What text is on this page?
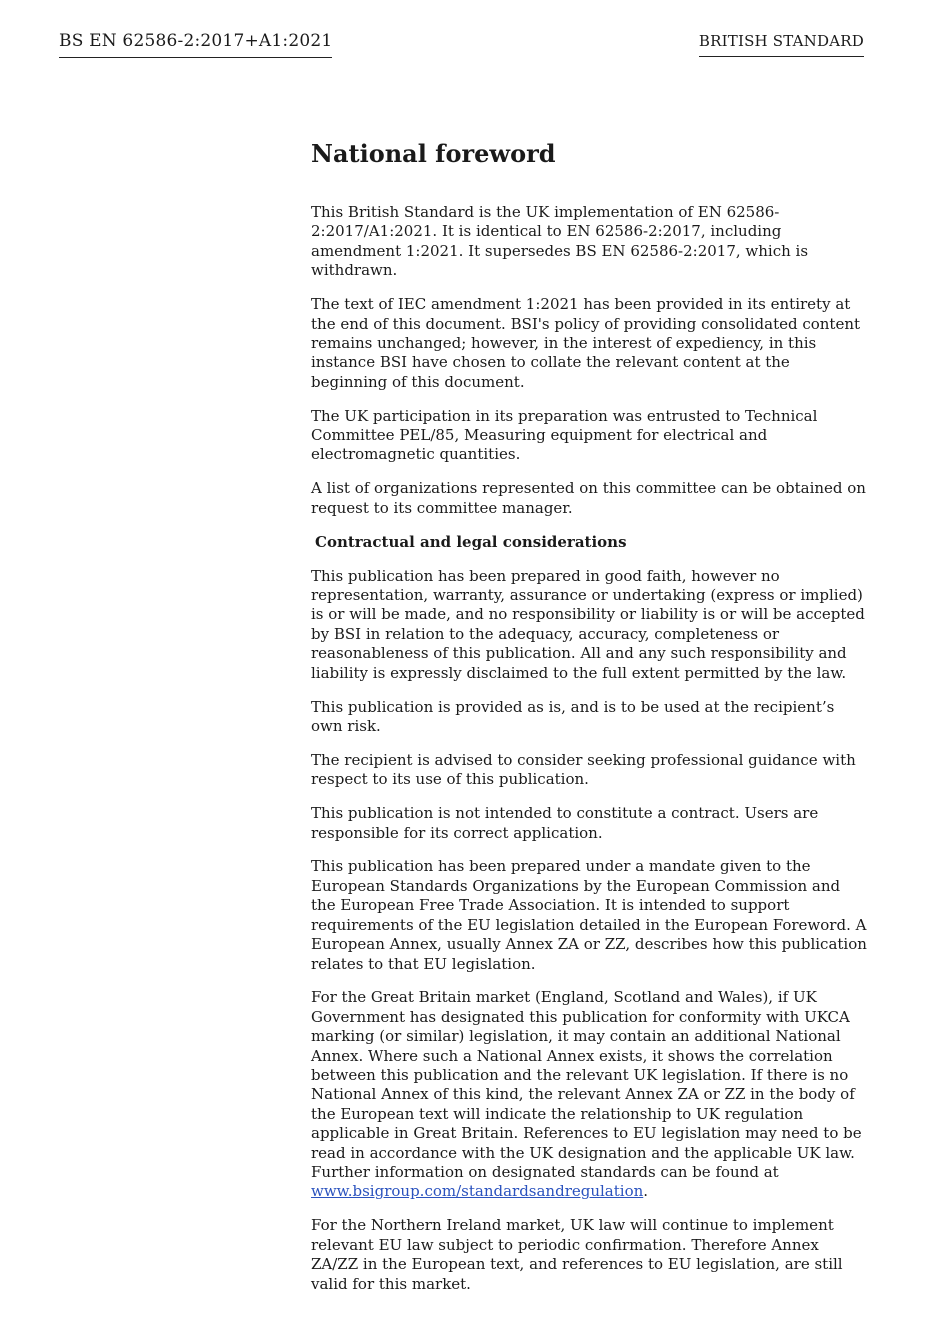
BS EN 62586-2:2017+A1:2021	BRITISH STANDARD
National foreword

This British Standard is the UK implementation of EN 62586-2:2017/A1:2021. It is identical to EN 62586-2:2017, including amendment 1:2021. It supersedes BS EN 62586-2:2017, which is withdrawn.

The text of IEC amendment 1:2021 has been provided in its entirety at the end of this document. BSI's policy of providing consolidated content remains unchanged; however, in the interest of expediency, in this instance BSI have chosen to collate the relevant content at the beginning of this document.

The UK participation in its preparation was entrusted to Technical Committee PEL/85, Measuring equipment for electrical and electromagnetic quantities.

A list of organizations represented on this committee can be obtained on request to its committee manager.

Contractual and legal considerations

This publication has been prepared in good faith, however no representation, warranty, assurance or undertaking (express or implied) is or will be made, and no responsibility or liability is or will be accepted by BSI in relation to the adequacy, accuracy, completeness or reasonableness of this publication. All and any such responsibility and liability is expressly disclaimed to the full extent permitted by the law.

This publication is provided as is, and is to be used at the recipient’s own risk.

The recipient is advised to consider seeking professional guidance with respect to its use of this publication.

This publication is not intended to constitute a contract. Users are responsible for its correct application.

This publication has been prepared under a mandate given to the European Standards Organizations by the European Commission and the European Free Trade Association. It is intended to support requirements of the EU legislation detailed in the European Foreword. A European Annex, usually Annex ZA or ZZ, describes how this publication relates to that EU legislation.

For the Great Britain market (England, Scotland and Wales), if UK Government has designated this publication for conformity with UKCA marking (or similar) legislation, it may contain an additional National Annex. Where such a National Annex exists, it shows the correlation between this publication and the relevant UK legislation. If there is no National Annex of this kind, the relevant Annex ZA or ZZ in the body of the European text will indicate the relationship to UK regulation applicable in Great Britain. References to EU legislation may need to be read in accordance with the UK designation and the applicable UK law. Further information on designated standards can be found at www.bsigroup.com/standardsandregulation.

For the Northern Ireland market, UK law will continue to implement relevant EU law subject to periodic confirmation. Therefore Annex ZA/ZZ in the European text, and references to EU legislation, are still valid for this market.
